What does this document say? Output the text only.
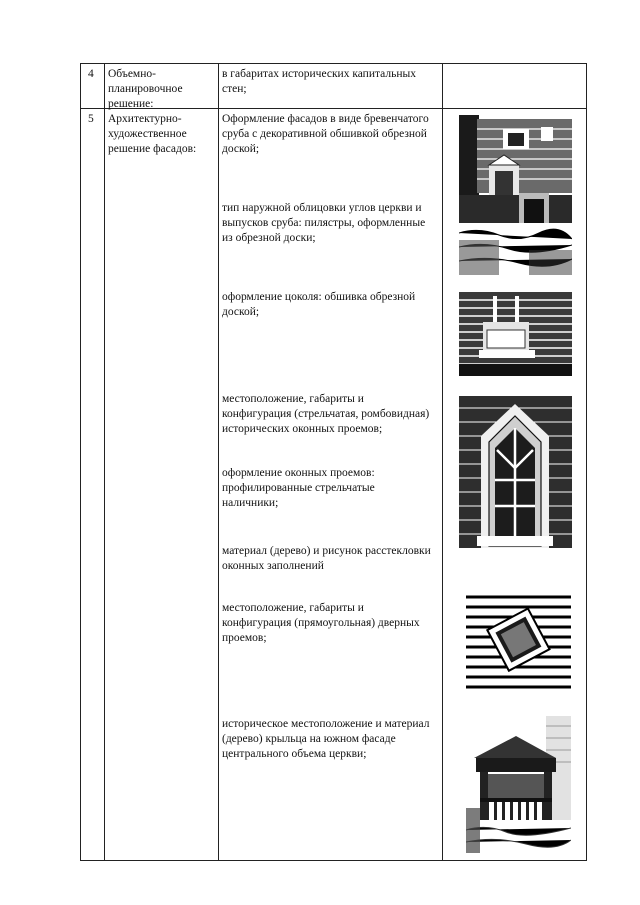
4 Объемно-
планировочное
решение:
в габаритах исторических капитальных
стен;
5 Архитектурно-
художественное
решение фасадов:
Оформление фасадов в виде бревенчатого
сруба с декоративной обшивкой обрезной
доской;
тип наружной облицовки углов церкви и
выпусков сруба: пилястры, оформленные
из обрезной доски;
оформление цоколя: обшивка обрезной
доской;
местоположение, габариты и
конфигурация (стрельчатая, ромбовидная)
исторических оконных проемов;
оформление оконных проемов:
профилированные стрельчатые
наличники;
материал (дерево) и рисунок расстекловки
оконных заполнений
местоположение, габариты и
конфигурация (прямоугольная) дверных
проемов;
историческое местоположение и материал
(дерево) крыльца на южном фасаде
центрального объема церкви;
